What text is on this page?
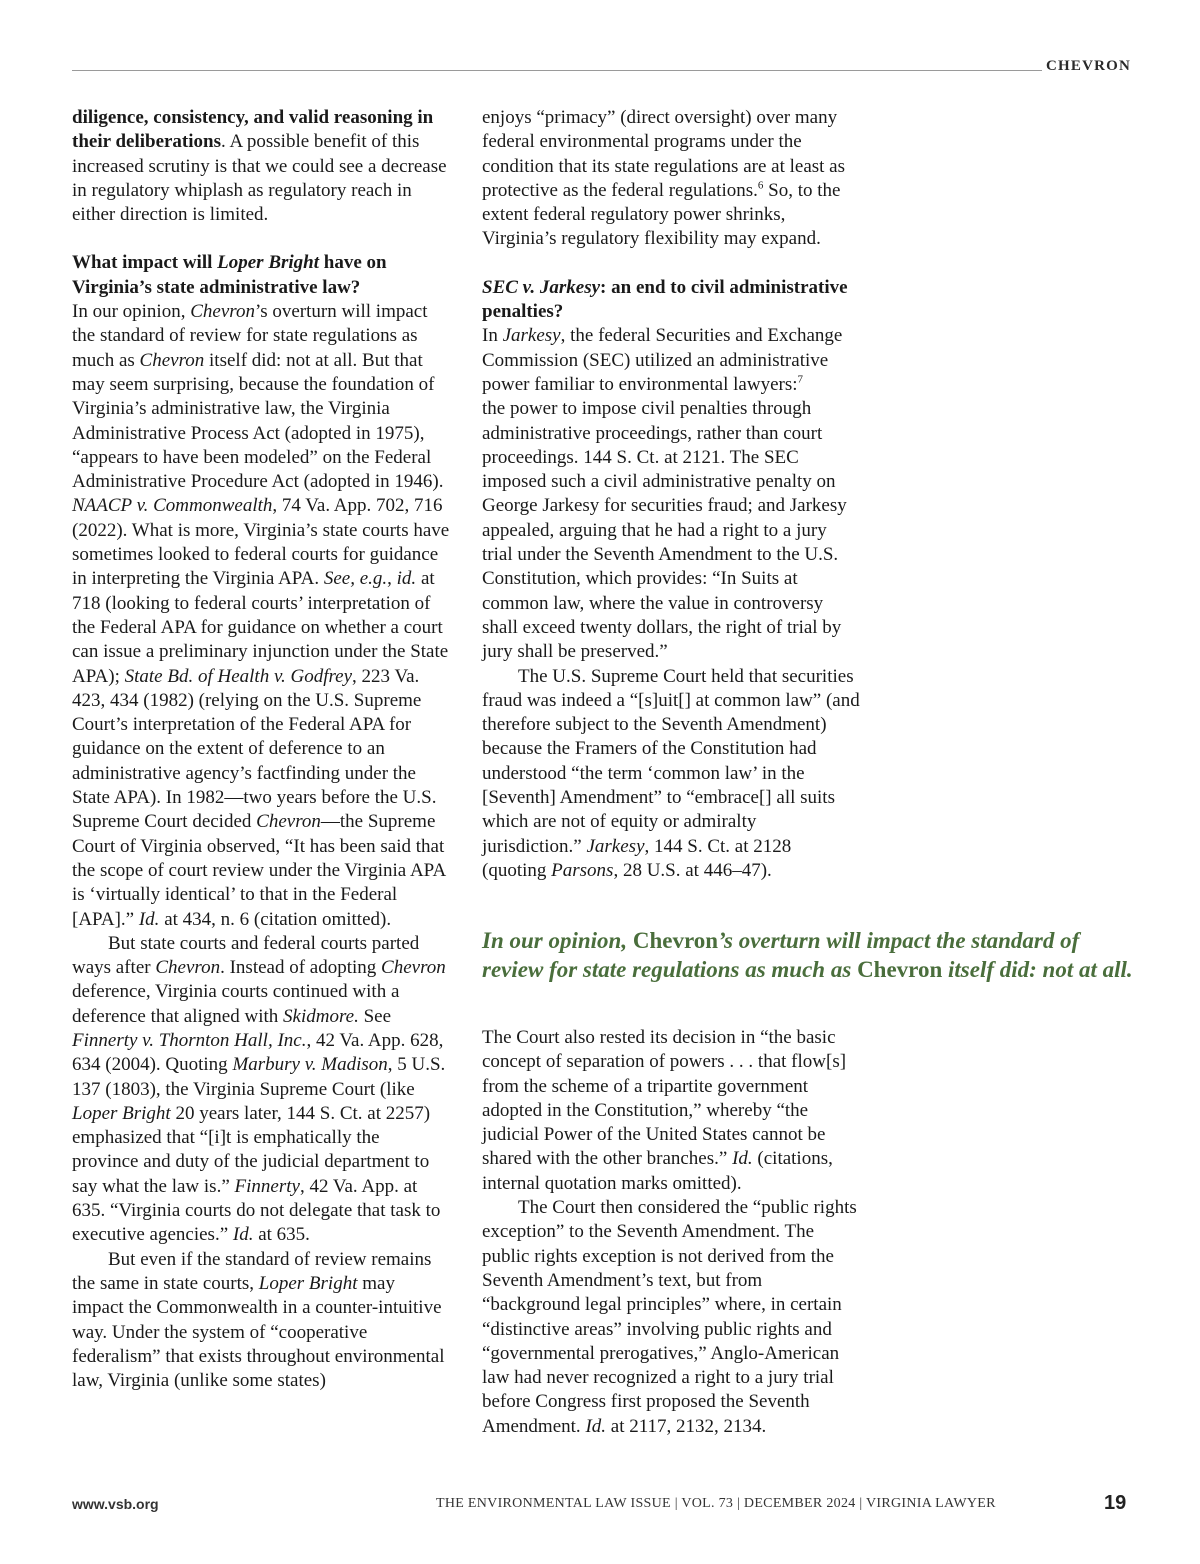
CHEVRON

diligence, consistency, and valid reasoning in their deliberations. A possible benefit of this increased scrutiny is that we could see a decrease in regulatory whiplash as regulatory reach in either direction is limited.

What impact will Loper Bright have on Virginia’s state administrative law?

In our opinion, Chevron’s overturn will impact the standard of review for state regulations as much as Chevron itself did: not at all. But that may seem surprising, because the foundation of Virginia’s administrative law, the Virginia Administrative Process Act (adopted in 1975), “appears to have been modeled” on the Federal Administrative Procedure Act (adopted in 1946). NAACP v. Commonwealth, 74 Va. App. 702, 716 (2022). What is more, Virginia’s state courts have sometimes looked to federal courts for guidance in interpreting the Virginia APA. See, e.g., id. at 718 (looking to federal courts’ interpretation of the Federal APA for guidance on whether a court can issue a preliminary injunction under the State APA); State Bd. of Health v. Godfrey, 223 Va. 423, 434 (1982) (relying on the U.S. Supreme Court’s interpretation of the Federal APA for guidance on the extent of deference to an administrative agency’s factfinding under the State APA). In 1982—two years before the U.S. Supreme Court decided Chevron—the Supreme Court of Virginia observed, “It has been said that the scope of court review under the Virginia APA is ‘virtually identical’ to that in the Federal [APA].” Id. at 434, n. 6 (citation omitted).

But state courts and federal courts parted ways after Chevron. Instead of adopting Chevron deference, Virginia courts continued with a deference that aligned with Skidmore. See Finnerty v. Thornton Hall, Inc., 42 Va. App. 628, 634 (2004). Quoting Marbury v. Madison, 5 U.S. 137 (1803), the Virginia Supreme Court (like Loper Bright 20 years later, 144 S. Ct. at 2257) emphasized that “[i]t is emphatically the province and duty of the judicial department to say what the law is.” Finnerty, 42 Va. App. at 635. “Virginia courts do not delegate that task to executive agencies.” Id. at 635.

But even if the standard of review remains the same in state courts, Loper Bright may impact the Commonwealth in a counter-intuitive way. Under the system of “cooperative federalism” that exists throughout environmental law, Virginia (unlike some states)

enjoys “primacy” (direct oversight) over many federal environmental programs under the condition that its state regulations are at least as protective as the federal regulations.$^6$ So, to the extent federal regulatory power shrinks, Virginia’s regulatory flexibility may expand.

SEC v. Jarkesy: an end to civil administrative penalties?

In Jarkesy, the federal Securities and Exchange Commission (SEC) utilized an administrative power familiar to environmental lawyers:$^7$
the power to impose civil penalties through administrative proceedings, rather than court proceedings. 144 S. Ct. at 2121. The SEC imposed such a civil administrative penalty on George Jarkesy for securities fraud; and Jarkesy appealed, arguing that he had a right to a jury trial under the Seventh Amendment to the U.S. Constitution, which provides: “In Suits at common law, where the value in controversy shall exceed twenty dollars, the right of trial by jury shall be preserved.”

The U.S. Supreme Court held that securities fraud was indeed a “[s]uit[] at common law” (and therefore subject to the Seventh Amendment) because the Framers of the Constitution had understood “the term ‘common law’ in the [Seventh] Amendment” to “embrace[] all suits which are not of equity or admiralty jurisdiction.” Jarkesy, 144 S. Ct. at 2128 (quoting Parsons, 28 U.S. at 446–47).

In our opinion, Chevron’s overturn will impact the standard of review for state regulations as much as Chevron itself did: not at all.

The Court also rested its decision in “the basic concept of separation of powers . . . that flow[s] from the scheme of a tripartite government adopted in the Constitution,” whereby “the judicial Power of the United States cannot be shared with the other branches.” Id. (citations, internal quotation marks omitted).

The Court then considered the “public rights exception” to the Seventh Amendment. The public rights exception is not derived from the Seventh Amendment’s text, but from “background legal principles” where, in certain “distinctive areas” involving public rights and “governmental prerogatives,” Anglo-American law had never recognized a right to a jury trial before Congress first proposed the Seventh Amendment. Id. at 2117, 2132, 2134.

www.vsb.org	THE ENVIRONMENTAL LAW ISSUE | VOL. 73 | DECEMBER 2024 | VIRGINIA LAWYER	19
